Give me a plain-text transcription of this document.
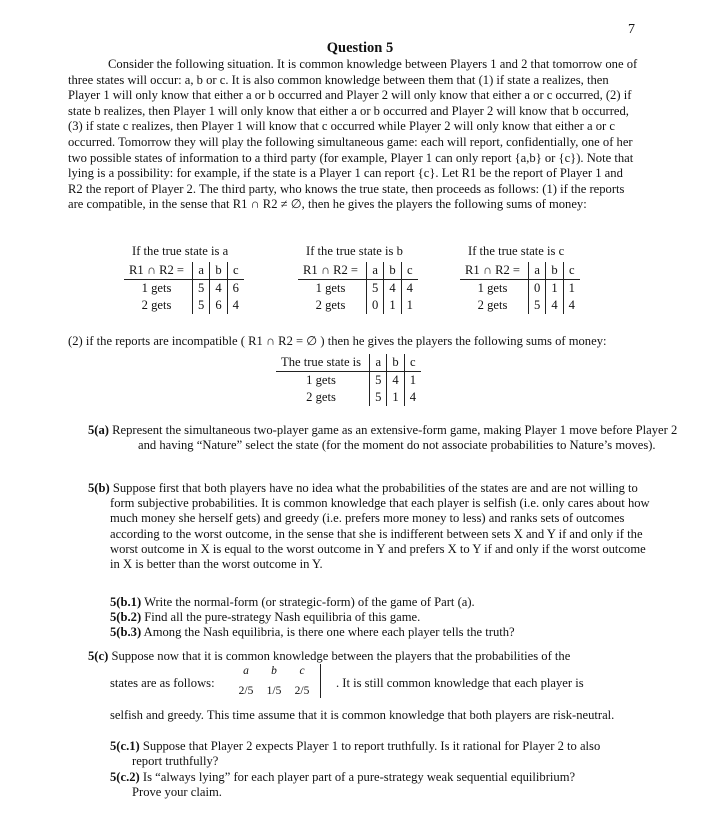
7
Question 5

Consider the following situation. It is common knowledge between Players 1 and 2 that tomorrow one of three states will occur: a, b or c. It is also common knowledge between them that (1) if state a realizes, then Player 1 will only know that either a or b occurred and Player 2 will only know that either a or c occurred, (2) if state b realizes, then Player 1 will only know that either a or b occurred and Player 2 will know that b occurred, (3) if state c realizes, then Player 1 will know that c occurred while Player 2 will only know that either a or c occurred. Tomorrow they will play the following simultaneous game: each will report, confidentially, one of her two possible states of information to a third party (for example, Player 1 can only report {a,b} or {c}). Note that lying is a possibility: for example, if the state is a Player 1 can report {c}. Let R1 be the report of Player 1 and R2 the report of Player 2. The third party, who knows the true state, then proceeds as follows: (1) if the reports are compatible, in the sense that R1 ∩ R2 ≠ ∅, then he gives the players the following sums of money:

If the true state is a
R1 ∩ R2 =	a	b	c
1 gets	5	4	6
2 gets	5	6	4
If the true state is b
R1 ∩ R2 =	a	b	c
1 gets	5	4	4
2 gets	0	1	1
If the true state is c
R1 ∩ R2 =	a	b	c
1 gets	0	1	1
2 gets	5	4	4

(2) if the reports are incompatible ( R1 ∩ R2 = ∅ ) then he gives the players the following sums of money:

The true state is	a	b	c
1 gets	5	4	1
2 gets	5	1	4
5(a) Represent the simultaneous two-player game as an extensive-form game, making Player 1 move before Player 2 and having “Nature” select the state (for the moment do not associate probabilities to Nature’s moves).
5(b) Suppose first that both players have no idea what the probabilities of the states are and are not willing to form subjective probabilities. It is common knowledge that each player is selfish (i.e. only cares about how much money she herself gets) and greedy (i.e. prefers more money to less) and ranks sets of outcomes according to the worst outcome, in the sense that she is indifferent between sets X and Y if and only if the worst outcome in X is equal to the worst outcome in Y and prefers X to Y if and only if the worst outcome in X is better than the worst outcome in Y.
5(b.1) Write the normal-form (or strategic-form) of the game of Part (a).
5(b.2) Find all the pure-strategy Nash equilibria of this game.
5(b.3) Among the Nash equilibria, is there one where each player tells the truth?
5(c) Suppose now that it is common knowledge between the players that the probabilities of the
states are as follows:
a b c
2/5 1/5 2/5
. It is still common knowledge that each player is
selfish and greedy. This time assume that it is common knowledge that both players are risk-neutral.
5(c.1) Suppose that Player 2 expects Player 1 to report truthfully. Is it rational for Player 2 to also report truthfully?
5(c.2) Is “always lying” for each player part of a pure-strategy weak sequential equilibrium? Prove your claim.
